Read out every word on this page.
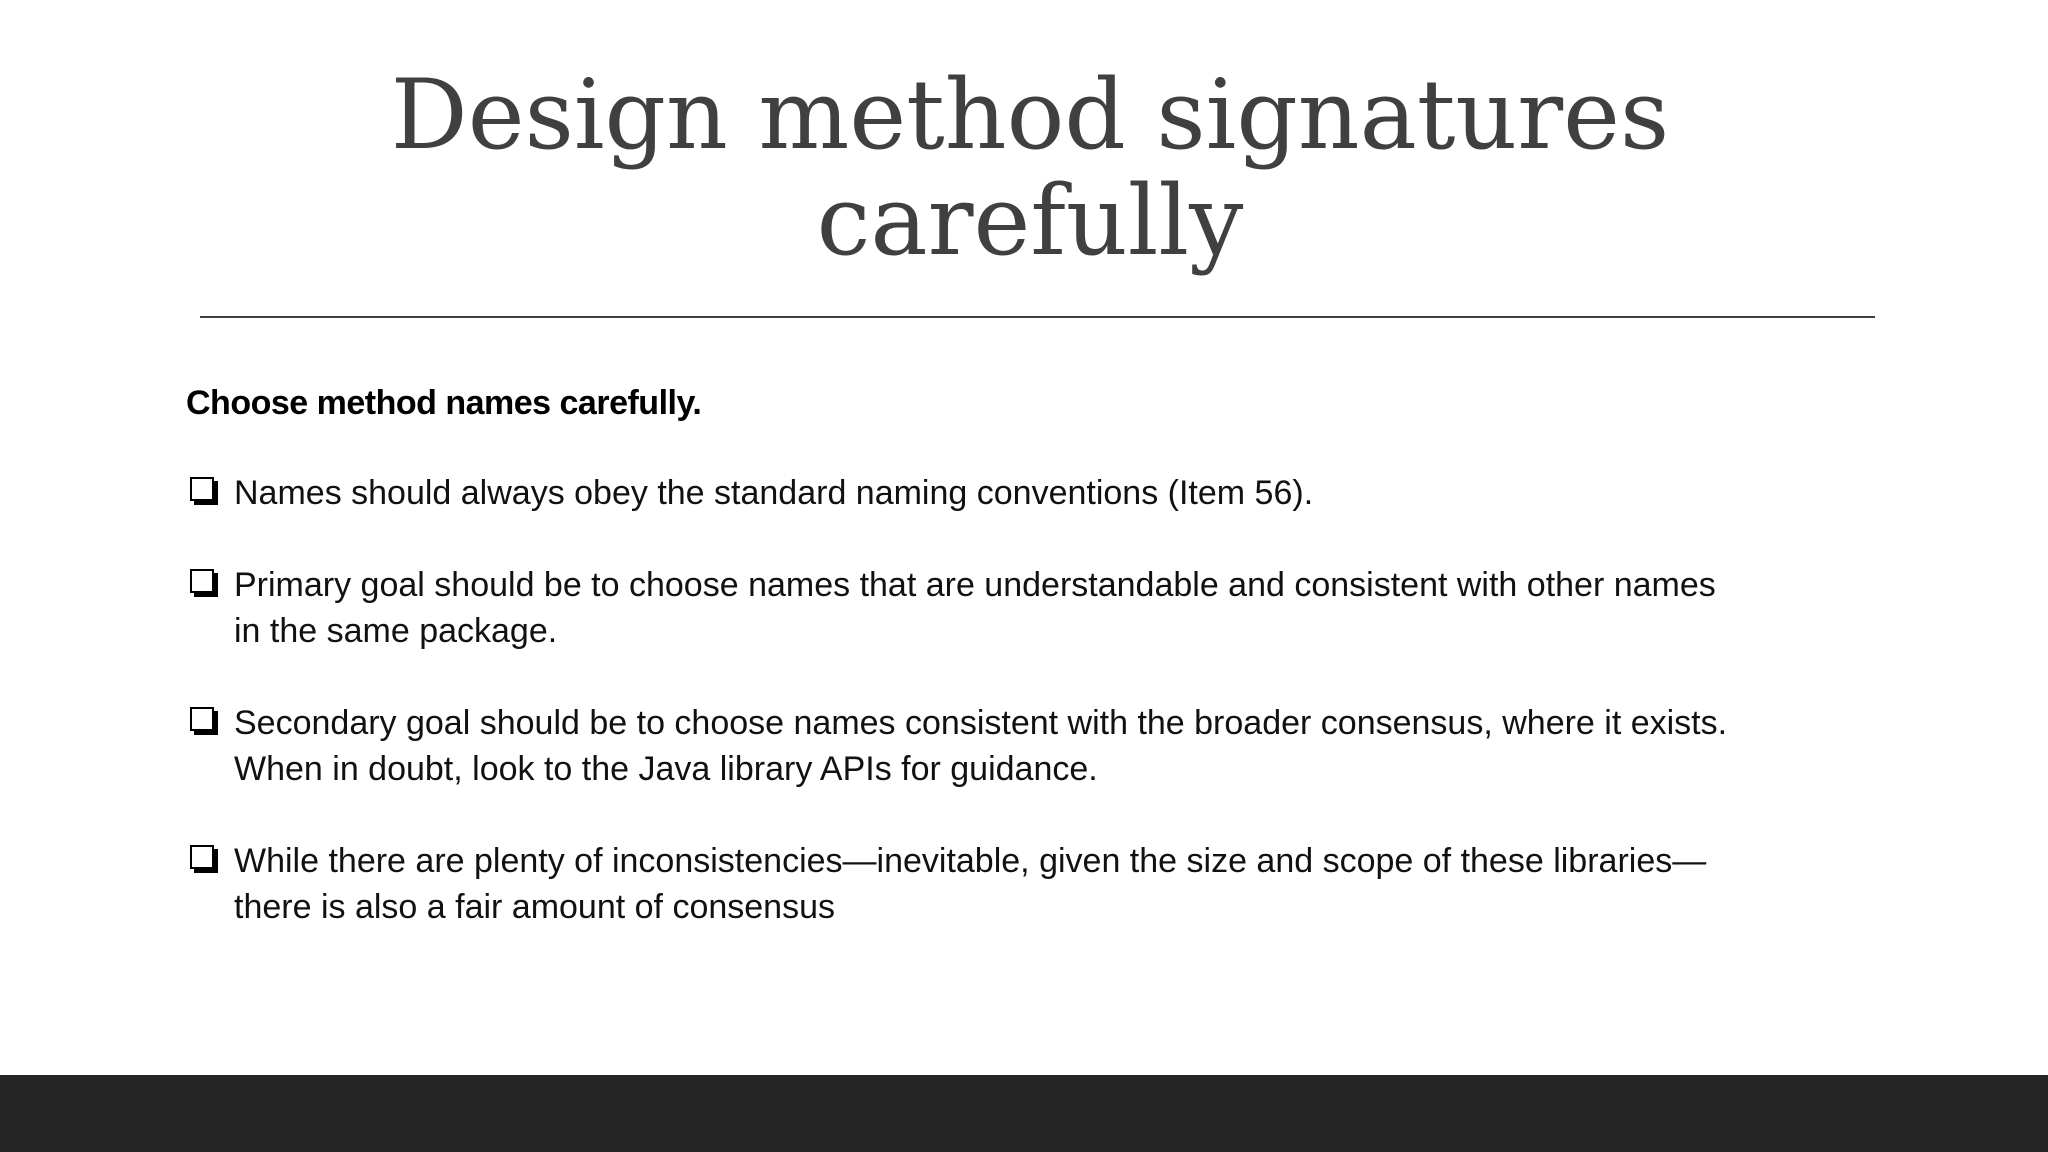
Design method signatures
carefully

Choose method names carefully.

Names should always obey the standard naming conventions (Item 56).
Primary goal should be to choose names that are understandable and consistent with other names in the same package.
Secondary goal should be to choose names consistent with the broader consensus, where it exists. When in doubt, look to the Java library APIs for guidance.
While there are plenty of inconsistencies—inevitable, given the size and scope of these libraries—there is also a fair amount of consensus
